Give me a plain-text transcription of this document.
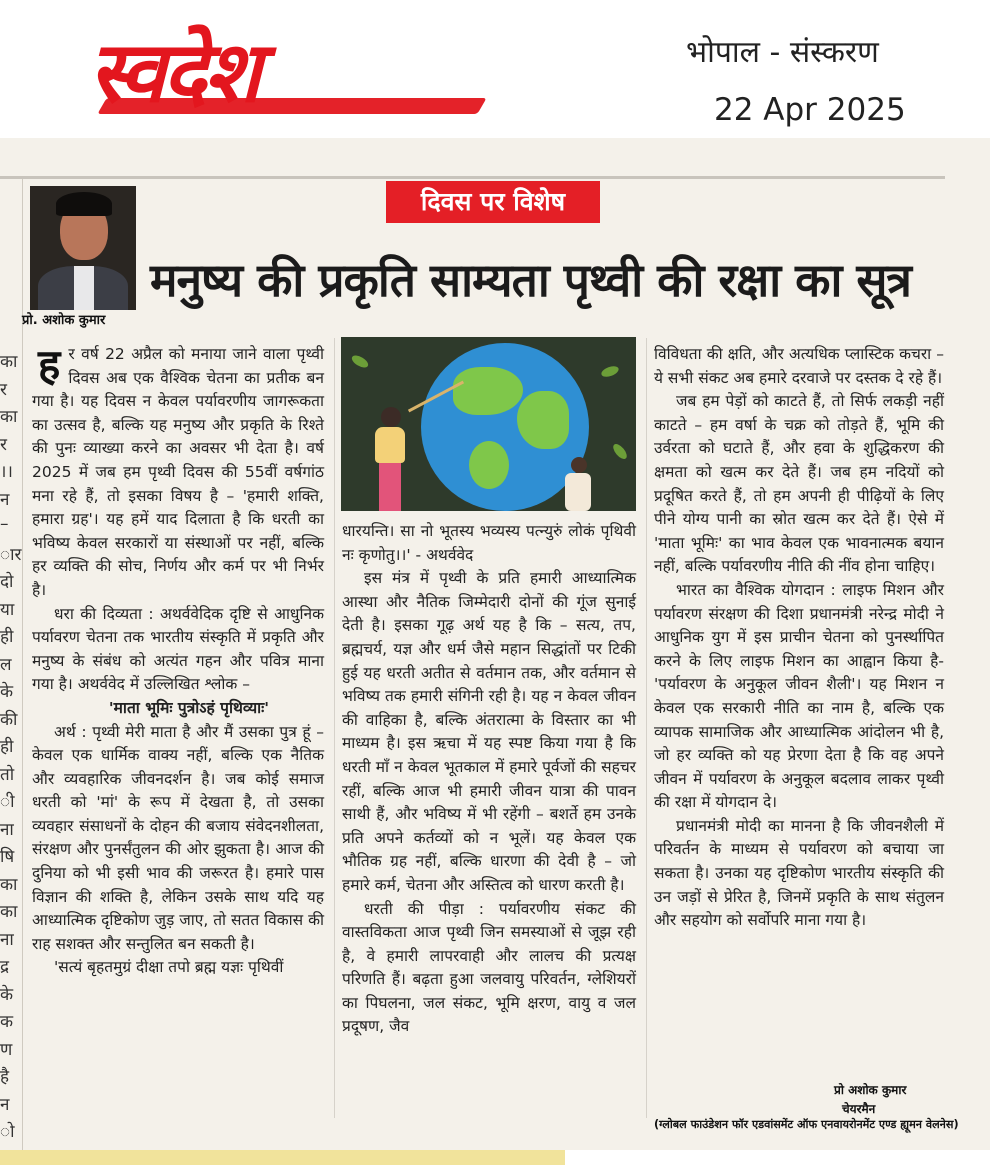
स्वदेश	भोपाल - संस्करण
22 Apr 2025
का
र
का
र
।।
न
–
ार
दो
या
ही
ल
के
की
ही
तो
ी
ना
षि
का
का
ना
द्र
के
क
ण
है
न
ो
प्रो. अशोक कुमार
दिवस पर विशेष
मनुष्य की प्रकृति साम्यता पृथ्वी की रक्षा का सूत्र

हर वर्ष 22 अप्रैल को मनाया जाने वाला पृथ्वी दिवस अब एक वैश्विक चेतना का प्रतीक बन गया है। यह दिवस न केवल पर्यावरणीय जागरूकता का उत्सव है, बल्कि यह मनुष्य और प्रकृति के रिश्ते की पुनः व्याख्या करने का अवसर भी देता है। वर्ष 2025 में जब हम पृथ्वी दिवस की 55वीं वर्षगांठ मना रहे हैं, तो इसका विषय है – 'हमारी शक्ति, हमारा ग्रह'। यह हमें याद दिलाता है कि धरती का भविष्य केवल सरकारों या संस्थाओं पर नहीं, बल्कि हर व्यक्ति की सोच, निर्णय और कर्म पर भी निर्भर है।

धरा की दिव्यता : अथर्ववेदिक दृष्टि से आधुनिक पर्यावरण चेतना तक भारतीय संस्कृति में प्रकृति और मनुष्य के संबंध को अत्यंत गहन और पवित्र माना गया है। अथर्ववेद में उल्लिखित श्लोक –

'माता भूमिः पुत्रोऽहं पृथिव्याः'

अर्थ : पृथ्वी मेरी माता है और मैं उसका पुत्र हूं – केवल एक धार्मिक वाक्य नहीं, बल्कि एक नैतिक और व्यवहारिक जीवनदर्शन है। जब कोई समाज धरती को 'मां' के रूप में देखता है, तो उसका व्यवहार संसाधनों के दोहन की बजाय संवेदनशीलता, संरक्षण और पुनर्संतुलन की ओर झुकता है। आज की दुनिया को भी इसी भाव की जरूरत है। हमारे पास विज्ञान की शक्ति है, लेकिन उसके साथ यदि यह आध्यात्मिक दृष्टिकोण जुड़ जाए, तो सतत विकास की राह सशक्त और सन्तुलित बन सकती है।

'सत्यं बृहतमुग्रं दीक्षा तपो ब्रह्म यज्ञः पृथिवीं

धारयन्ति। सा नो भूतस्य भव्यस्य पत्न्युरुं लोकं पृथिवी नः कृणोतु।।' - अथर्ववेद

इस मंत्र में पृथ्वी के प्रति हमारी आध्यात्मिक आस्था और नैतिक जिम्मेदारी दोनों की गूंज सुनाई देती है। इसका गूढ़ अर्थ यह है कि – सत्य, तप, ब्रह्मचर्य, यज्ञ और धर्म जैसे महान सिद्धांतों पर टिकी हुई यह धरती अतीत से वर्तमान तक, और वर्तमान से भविष्य तक हमारी संगिनी रही है। यह न केवल जीवन की वाहिका है, बल्कि अंतरात्मा के विस्तार का भी माध्यम है। इस ऋचा में यह स्पष्ट किया गया है कि धरती माँ न केवल भूतकाल में हमारे पूर्वजों की सहचर रहीं, बल्कि आज भी हमारी जीवन यात्रा की पावन साथी हैं, और भविष्य में भी रहेंगी – बशर्ते हम उनके प्रति अपने कर्तव्यों को न भूलें। यह केवल एक भौतिक ग्रह नहीं, बल्कि धारणा की देवी है – जो हमारे कर्म, चेतना और अस्तित्व को धारण करती है।

धरती की पीड़ा : पर्यावरणीय संकट की वास्तविकता आज पृथ्वी जिन समस्याओं से जूझ रही है, वे हमारी लापरवाही और लालच की प्रत्यक्ष परिणति हैं। बढ़ता हुआ जलवायु परिवर्तन, ग्लेशियरों का पिघलना, जल संकट, भूमि क्षरण, वायु व जल प्रदूषण, जैव

विविधता की क्षति, और अत्यधिक प्लास्टिक कचरा – ये सभी संकट अब हमारे दरवाजे पर दस्तक दे रहे हैं।

जब हम पेड़ों को काटते हैं, तो सिर्फ लकड़ी नहीं काटते – हम वर्षा के चक्र को तोड़ते हैं, भूमि की उर्वरता को घटाते हैं, और हवा के शुद्धिकरण की क्षमता को खत्म कर देते हैं। जब हम नदियों को प्रदूषित करते हैं, तो हम अपनी ही पीढ़ियों के लिए पीने योग्य पानी का स्रोत खत्म कर देते हैं। ऐसे में 'माता भूमिः' का भाव केवल एक भावनात्मक बयान नहीं, बल्कि पर्यावरणीय नीति की नींव होना चाहिए।

भारत का वैश्विक योगदान : लाइफ मिशन और पर्यावरण संरक्षण की दिशा प्रधानमंत्री नरेन्द्र मोदी ने आधुनिक युग में इस प्राचीन चेतना को पुनर्स्थापित करने के लिए लाइफ मिशन का आह्वान किया है- 'पर्यावरण के अनुकूल जीवन शैली'। यह मिशन न केवल एक सरकारी नीति का नाम है, बल्कि एक व्यापक सामाजिक और आध्यात्मिक आंदोलन भी है, जो हर व्यक्ति को यह प्रेरणा देता है कि वह अपने जीवन में पर्यावरण के अनुकूल बदलाव लाकर पृथ्वी की रक्षा में योगदान दे।

प्रधानमंत्री मोदी का मानना है कि जीवनशैली में परिवर्तन के माध्यम से पर्यावरण को बचाया जा सकता है। उनका यह दृष्टिकोण भारतीय संस्कृति की उन जड़ों से प्रेरित है, जिनमें प्रकृति के साथ संतुलन और सहयोग को सर्वोपरि माना गया है।

प्रो अशोक कुमार
चेयरमैन
(ग्लोबल फाउंडेशन फॉर एडवांसमेंट ऑफ एनवायरोनमेंट एण्ड ह्यूमन वेलनेस)
